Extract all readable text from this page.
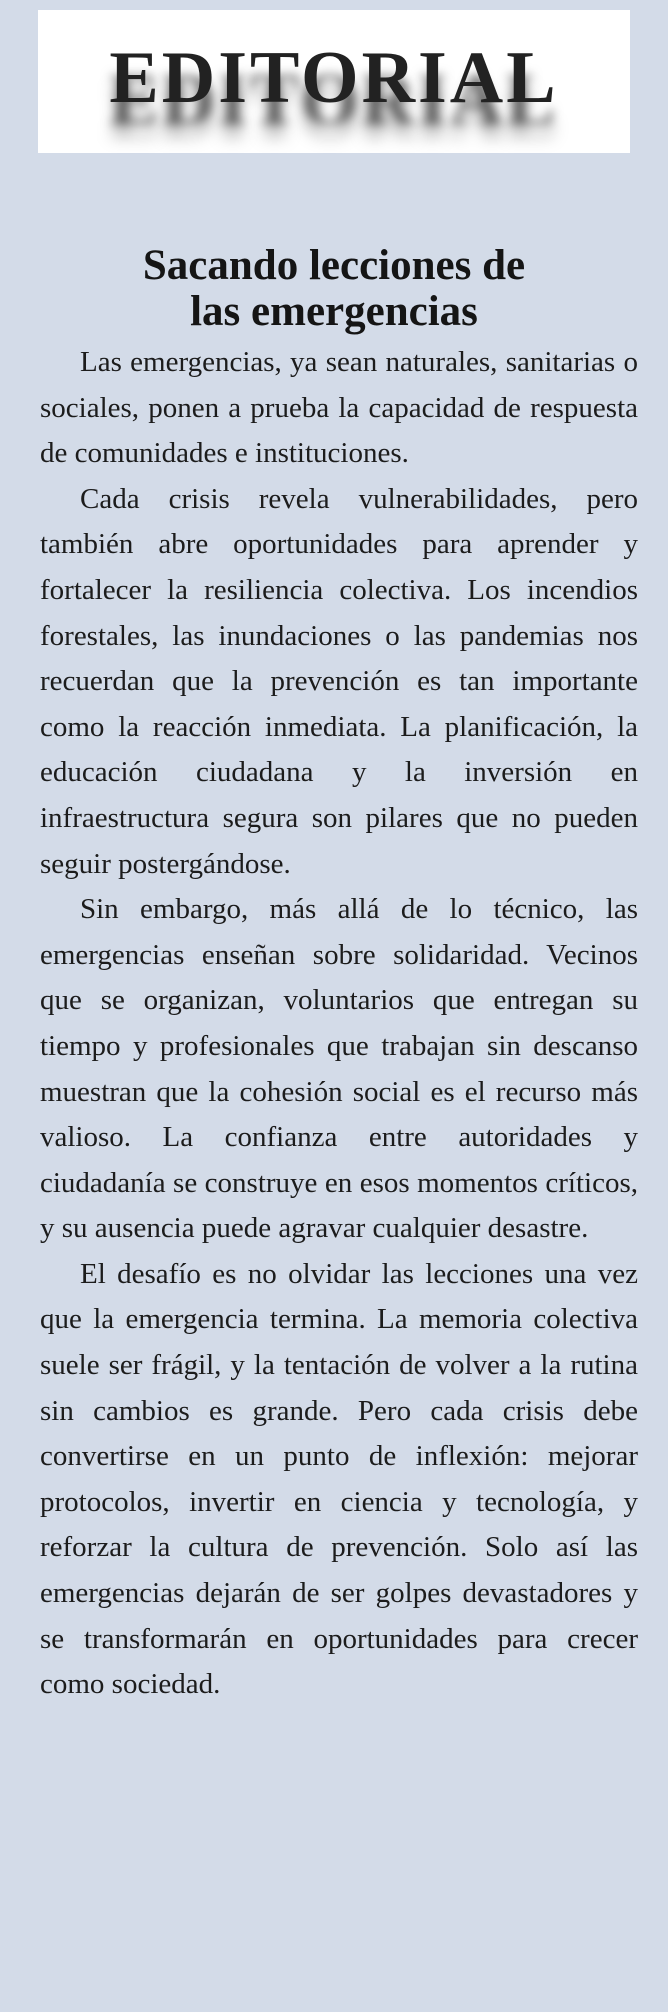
EDITORIAL
Sacando lecciones de
las emergencias

Las emergencias, ya sean naturales, sanitarias o sociales, ponen a prueba la capacidad de respuesta de comunidades e instituciones.

Cada crisis revela vulnerabilidades, pero también abre oportunidades para aprender y fortalecer la resiliencia colectiva. Los incendios forestales, las inundaciones o las pandemias nos recuerdan que la prevención es tan importante como la reacción inmediata. La planificación, la educación ciudadana y la inversión en infraestructura segura son pilares que no pueden seguir postergándose.

Sin embargo, más allá de lo técnico, las emergencias enseñan sobre solidaridad. Vecinos que se organizan, voluntarios que entregan su tiempo y profesionales que trabajan sin descanso muestran que la cohesión social es el recurso más valioso. La confianza entre autoridades y ciudadanía se construye en esos momentos críticos, y su ausencia puede agravar cualquier desastre.

El desafío es no olvidar las lecciones una vez que la emergencia termina. La memoria colectiva suele ser frágil, y la tentación de volver a la rutina sin cambios es grande. Pero cada crisis debe convertirse en un punto de inflexión: mejorar protocolos, invertir en ciencia y tecnología, y reforzar la cultura de prevención. Solo así las emergencias dejarán de ser golpes devastadores y se transformarán en oportunidades para crecer como sociedad.
